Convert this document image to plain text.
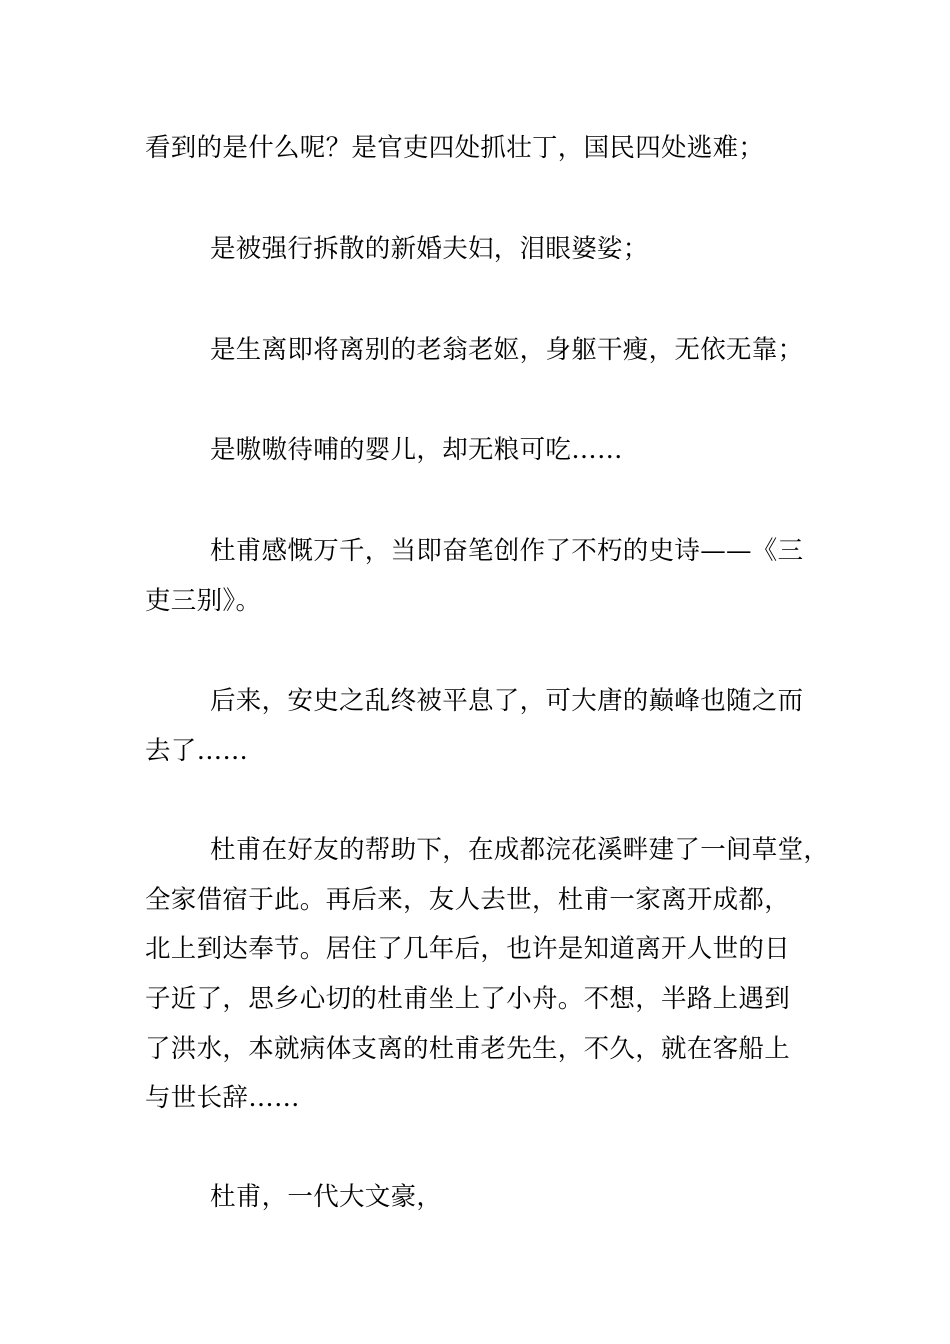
看到的是什么呢？是官吏四处抓壮丁，国民四处逃难；
是被强行拆散的新婚夫妇，泪眼婆娑；
是生离即将离别的老翁老妪，身躯干瘦，无依无靠；
是嗷嗷待哺的婴儿，却无粮可吃……
杜甫感慨万千，当即奋笔创作了不朽的史诗——《三
吏三别》。
后来，安史之乱终被平息了，可大唐的巅峰也随之而
去了……
杜甫在好友的帮助下，在成都浣花溪畔建了一间草堂，
全家借宿于此。再后来，友人去世，杜甫一家离开成都，
北上到达奉节。居住了几年后，也许是知道离开人世的日
子近了，思乡心切的杜甫坐上了小舟。不想，半路上遇到
了洪水，本就病体支离的杜甫老先生，不久，就在客船上
与世长辞……
杜甫，一代大文豪，
